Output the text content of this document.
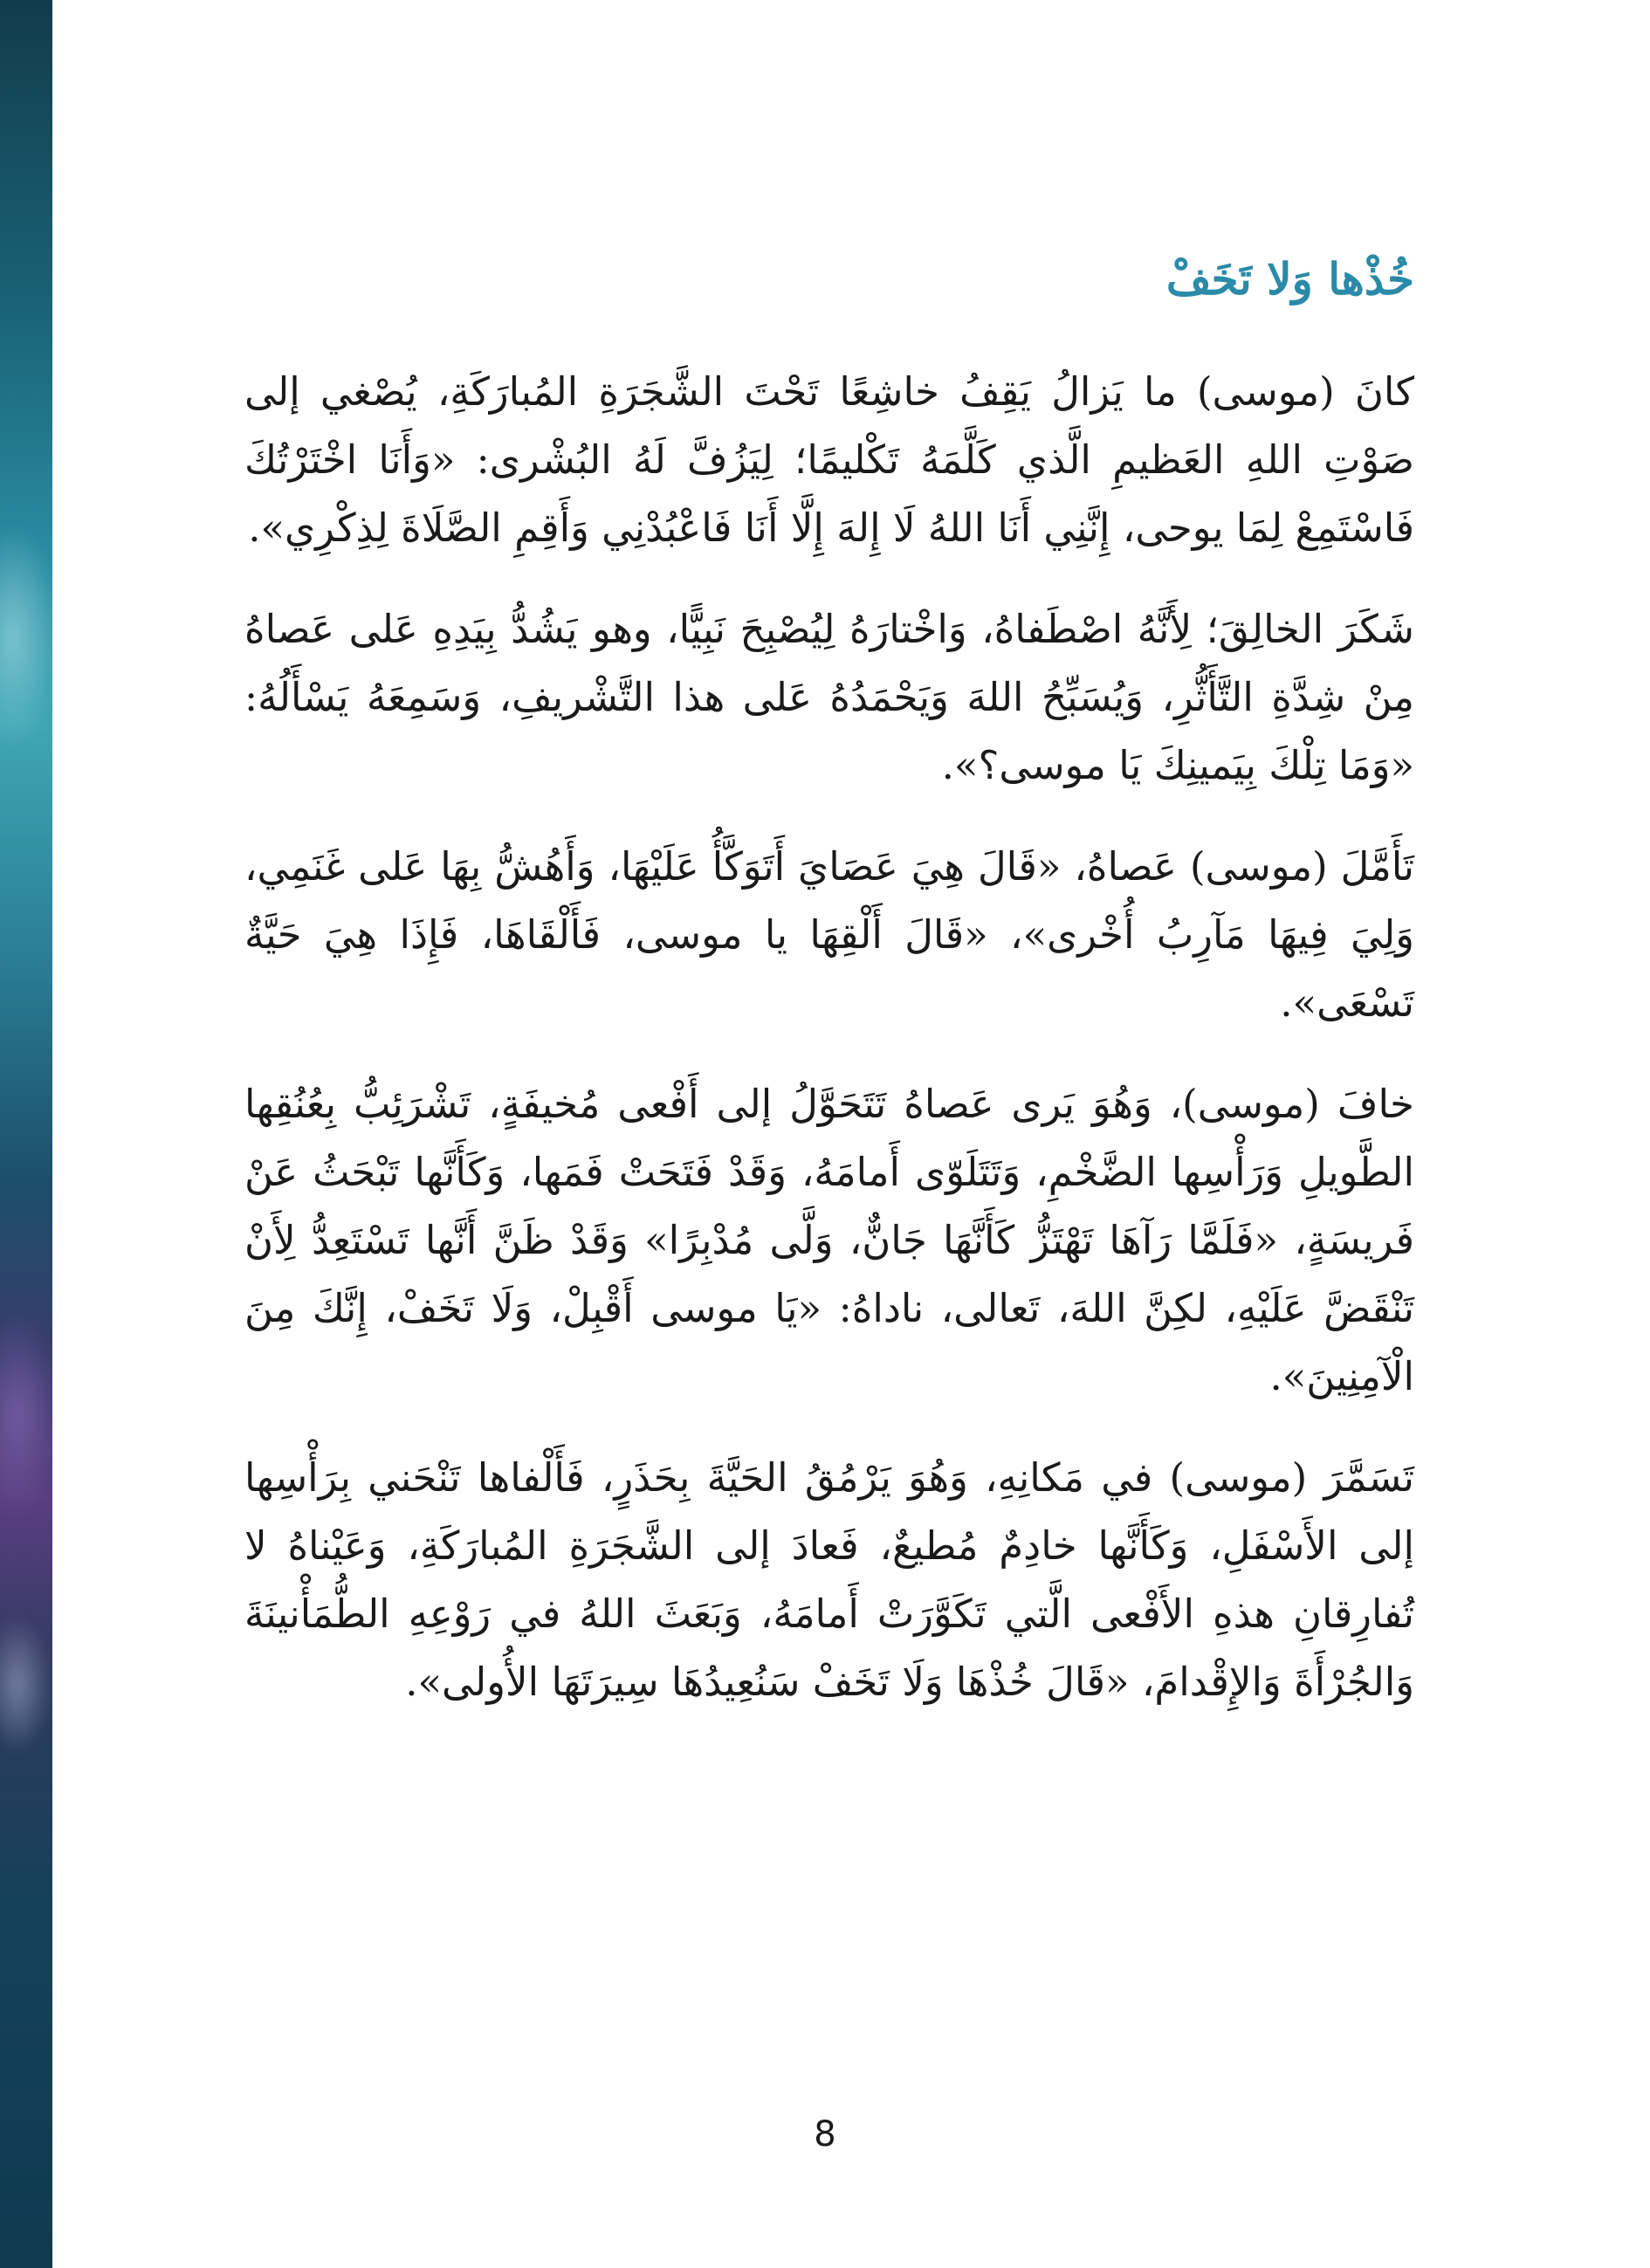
خُذْها وَلا تَخَفْ

كانَ (موسى) ما يَزالُ يَقِفُ خاشِعًا تَحْتَ الشَّجَرَةِ المُبارَكَةِ، يُصْغي إلى صَوْتِ اللهِ العَظيمِ الَّذي كَلَّمَهُ تَكْليمًا؛ لِيَزُفَّ لَهُ البُشْرى: «وَأَنَا اخْتَرْتُكَ فَاسْتَمِعْ لِمَا يوحى، إِنَّنِي أَنَا اللهُ لَا إِلهَ إِلَّا أَنَا فَاعْبُدْنِي وَأَقِمِ الصَّلَاةَ لِذِكْرِي».

شَكَرَ الخالِقَ؛ لِأَنَّهُ اصْطَفاهُ، وَاخْتارَهُ لِيُصْبِحَ نَبِيًّا، وهو يَشُدُّ بِيَدِهِ عَلى عَصاهُ مِنْ شِدَّةِ التَّأَثُّرِ، وَيُسَبِّحُ اللهَ وَيَحْمَدُهُ عَلى هذا التَّشْريفِ، وَسَمِعَهُ يَسْأَلُهُ: «وَمَا تِلْكَ بِيَمينِكَ يَا موسى؟».

تَأَمَّلَ (موسى) عَصاهُ، «قَالَ هِيَ عَصَايَ أَتَوَكَّأُ عَلَيْهَا، وَأَهُشُّ بِهَا عَلى غَنَمِي، وَلِيَ فِيهَا مَآرِبُ أُخْرى»، «قَالَ أَلْقِهَا يا موسى، فَأَلْقَاهَا، فَإِذَا هِيَ حَيَّةٌ تَسْعَى».

خافَ (موسى)، وَهُوَ يَرى عَصاهُ تَتَحَوَّلُ إلى أَفْعى مُخيفَةٍ، تَشْرَئِبُّ بِعُنُقِها الطَّويلِ وَرَأْسِها الضَّخْمِ، وَتَتَلَوّى أَمامَهُ، وَقَدْ فَتَحَتْ فَمَها، وَكَأَنَّها تَبْحَثُ عَنْ فَريسَةٍ، «فَلَمَّا رَآهَا تَهْتَزُّ كَأَنَّهَا جَانٌّ، وَلَّى مُدْبِرًا» وَقَدْ ظَنَّ أَنَّها تَسْتَعِدُّ لِأَنْ تَنْقَضَّ عَلَيْهِ، لكِنَّ اللهَ، تَعالى، ناداهُ: «يَا موسى أَقْبِلْ، وَلَا تَخَفْ، إِنَّكَ مِنَ الْآمِنِينَ».

تَسَمَّرَ (موسى) في مَكانِهِ، وَهُوَ يَرْمُقُ الحَيَّةَ بِحَذَرٍ، فَأَلْفاها تَنْحَني بِرَأْسِها إلى الأَسْفَلِ، وَكَأَنَّها خادِمٌ مُطيعٌ، فَعادَ إلى الشَّجَرَةِ المُبارَكَةِ، وَعَيْناهُ لا تُفارِقانِ هذهِ الأَفْعى الَّتي تَكَوَّرَتْ أَمامَهُ، وَبَعَثَ اللهُ في رَوْعِهِ الطُّمَأْنينَةَ وَالجُرْأَةَ وَالإِقْدامَ، «قَالَ خُذْهَا وَلَا تَخَفْ سَنُعِيدُهَا سِيرَتَهَا الأُولى».

8
